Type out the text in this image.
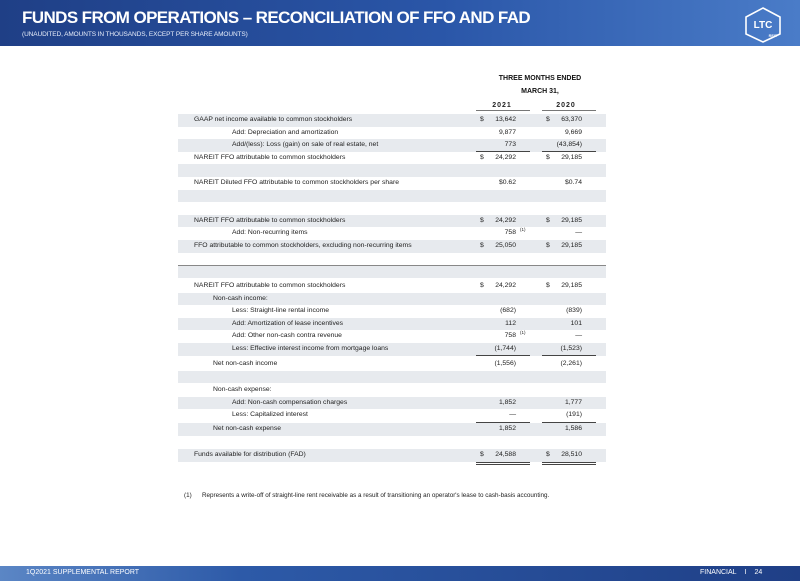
FUNDS FROM OPERATIONS – RECONCILIATION OF FFO AND FAD
(UNAUDITED, AMOUNTS IN THOUSANDS, EXCEPT PER SHARE AMOUNTS)
LTC
REIT
THREE MONTHS ENDED
MARCH 31,
2021	2020
GAAP net income available to common stockholders	$	13,642	$	63,370
Add: Depreciation and amortization	9,877	9,669
Add/(less): Loss (gain) on sale of real estate, net	773	(43,854)
NAREIT FFO attributable to common stockholders	$	24,292	$	29,185
NAREIT Diluted FFO attributable to common stockholders per share	$0.62	$0.74
NAREIT FFO attributable to common stockholders	$	24,292	$	29,185
Add: Non-recurring items	758 (1)	—
FFO attributable to common stockholders, excluding non-recurring items	$	25,050	$	29,185
NAREIT FFO attributable to common stockholders	$	24,292	$	29,185
Non-cash income:
Less: Straight-line rental income	(682)	(839)
Add: Amortization of lease incentives	112	101
Add: Other non-cash contra revenue	758 (1)	—
Less: Effective interest income from mortgage loans	(1,744)	(1,523)
Net non-cash income	(1,556)	(2,261)
Non-cash expense:
Add: Non-cash compensation charges	1,852	1,777
Less: Capitalized interest	—	(191)
Net non-cash expense	1,852	1,586
Funds available for distribution (FAD)	$	24,588	$	28,510
(1) Represents a write-off of straight-line rent receivable as a result of transitioning an operator's lease to cash-basis accounting.
1Q2021 SUPPLEMENTAL REPORT	FINANCIAL I 24
